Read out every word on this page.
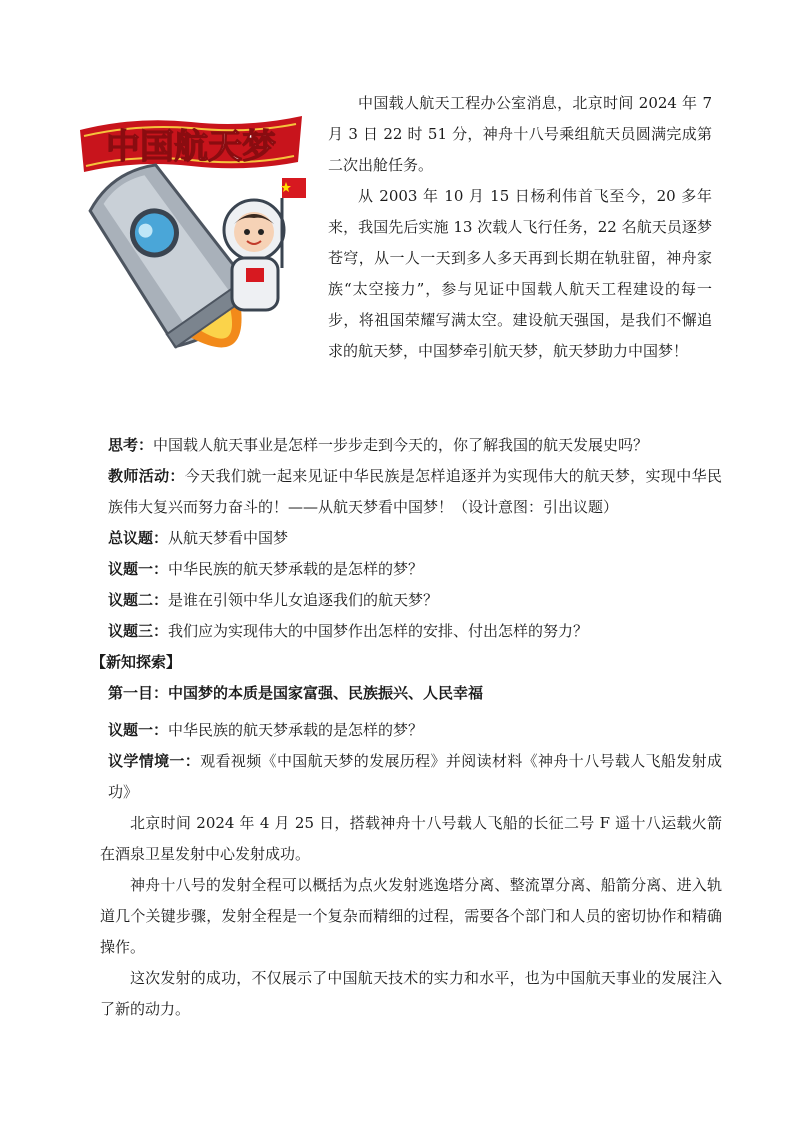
中国航天梦

中国载人航天工程办公室消息，北京时间 2024 年 7 月 3 日 22 时 51 分，神舟十八号乘组航天员圆满完成第二次出舱任务。

从 2003 年 10 月 15 日杨利伟首飞至今，20 多年来，我国先后实施 13 次载人飞行任务，22 名航天员逐梦苍穹，从一人一天到多人多天再到长期在轨驻留，神舟家族“太空接力”，参与见证中国载人航天工程建设的每一步，将祖国荣耀写满太空。建设航天强国，是我们不懈追求的航天梦，中国梦牵引航天梦，航天梦助力中国梦！

思考：中国载人航天事业是怎样一步步走到今天的，你了解我国的航天发展史吗？

教师活动：今天我们就一起来见证中华民族是怎样追逐并为实现伟大的航天梦，实现中华民族伟大复兴而努力奋斗的！——从航天梦看中国梦！（设计意图：引出议题）

总议题：从航天梦看中国梦

议题一：中华民族的航天梦承载的是怎样的梦？

议题二：是谁在引领中华儿女追逐我们的航天梦？

议题三：我们应为实现伟大的中国梦作出怎样的安排、付出怎样的努力？

【新知探索】

第一目：中国梦的本质是国家富强、民族振兴、人民幸福

议题一：中华民族的航天梦承载的是怎样的梦？

议学情境一：观看视频《中国航天梦的发展历程》并阅读材料《神舟十八号载人飞船发射成功》

北京时间 2024 年 4 月 25 日，搭载神舟十八号载人飞船的长征二号 F 遥十八运载火箭在酒泉卫星发射中心发射成功。

神舟十八号的发射全程可以概括为点火发射逃逸塔分离、整流罩分离、船箭分离、进入轨道几个关键步骤，发射全程是一个复杂而精细的过程，需要各个部门和人员的密切协作和精确操作。

这次发射的成功，不仅展示了中国航天技术的实力和水平，也为中国航天事业的发展注入了新的动力。
